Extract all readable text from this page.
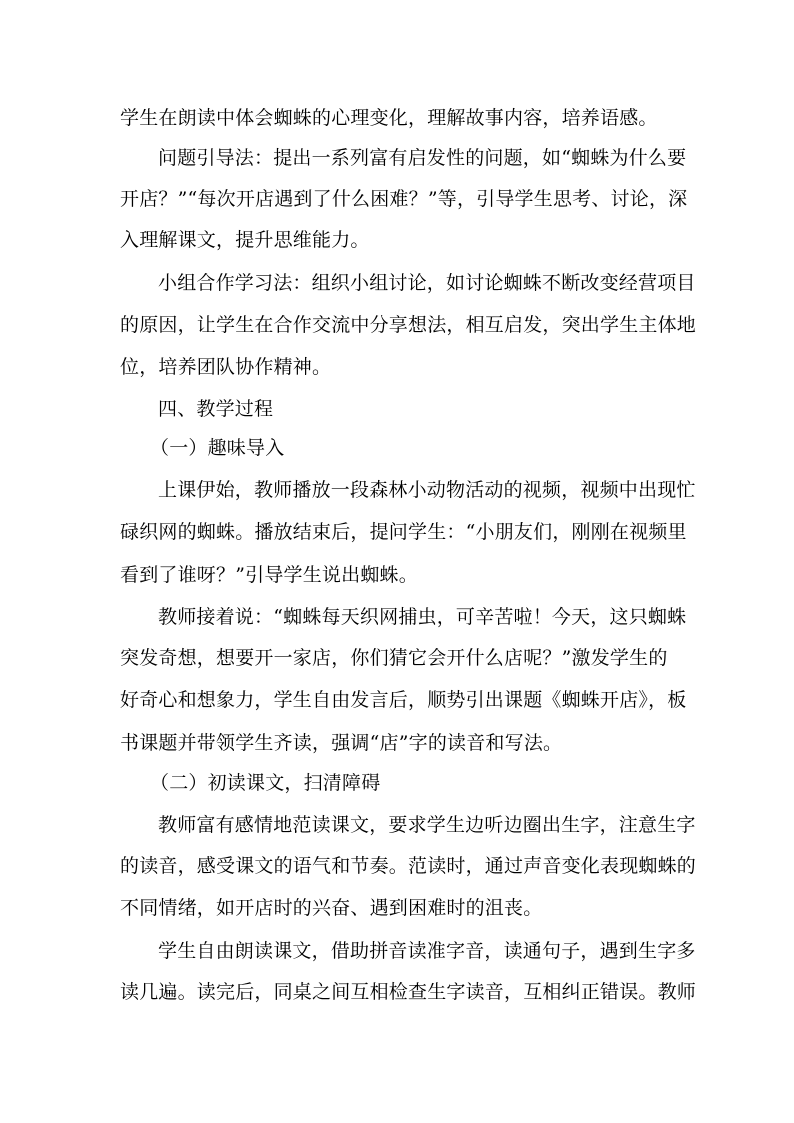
学生在朗读中体会蜘蛛的心理变化，理解故事内容，培养语感。
问题引导法：提出一系列富有启发性的问题，如“蜘蛛为什么要
开店？”“每次开店遇到了什么困难？”等，引导学生思考、讨论，深
入理解课文，提升思维能力。
小组合作学习法：组织小组讨论，如讨论蜘蛛不断改变经营项目
的原因，让学生在合作交流中分享想法，相互启发，突出学生主体地
位，培养团队协作精神。
四、教学过程
（一）趣味导入
上课伊始，教师播放一段森林小动物活动的视频，视频中出现忙
碌织网的蜘蛛。播放结束后，提问学生：“小朋友们，刚刚在视频里
看到了谁呀？”引导学生说出蜘蛛。
教师接着说：“蜘蛛每天织网捕虫，可辛苦啦！今天，这只蜘蛛
突发奇想，想要开一家店，你们猜它会开什么店呢？”激发学生的
好奇心和想象力，学生自由发言后，顺势引出课题《蜘蛛开店》，板
书课题并带领学生齐读，强调“店”字的读音和写法。
（二）初读课文，扫清障碍
教师富有感情地范读课文，要求学生边听边圈出生字，注意生字
的读音，感受课文的语气和节奏。范读时，通过声音变化表现蜘蛛的
不同情绪，如开店时的兴奋、遇到困难时的沮丧。
学生自由朗读课文，借助拼音读准字音，读通句子，遇到生字多
读几遍。读完后，同桌之间互相检查生字读音，互相纠正错误。教师
